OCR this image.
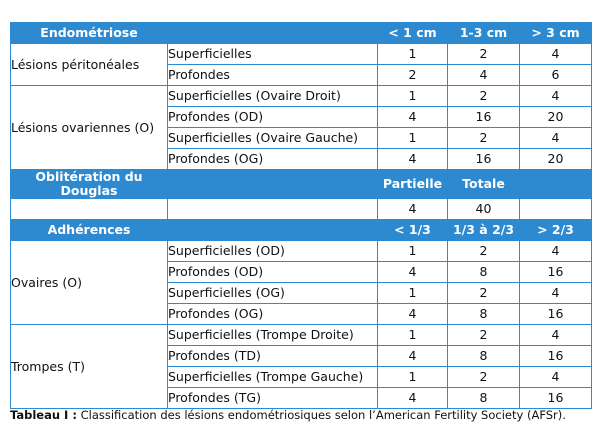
Endométriose		< 1 cm	1-3 cm	> 3 cm
Lésions péritonéales	Superficielles	1	2	4
	Profondes	2	4	6
Lésions ovariennes (O)	Superficielles (Ovaire Droit)	1	2	4
	Profondes (OD)	4	16	20
	Superficielles (Ovaire Gauche)	1	2	4
	Profondes (OG)	4	16	20
Oblitération du Douglas		Partielle	Totale	
		4	40	
Adhérences		< 1/3	1/3 à 2/3	> 2/3
Ovaires (O)	Superficielles (OD)	1	2	4
	Profondes (OD)	4	8	16
	Superficielles (OG)	1	2	4
	Profondes (OG)	4	8	16
Trompes (T)	Superficielles (Trompe Droite)	1	2	4
	Profondes (TD)	4	8	16
	Superficielles (Trompe Gauche)	1	2	4
	Profondes (TG)	4	8	16
Tableau I : Classification des lésions endométriosiques selon l’American Fertility Society (AFSr).
